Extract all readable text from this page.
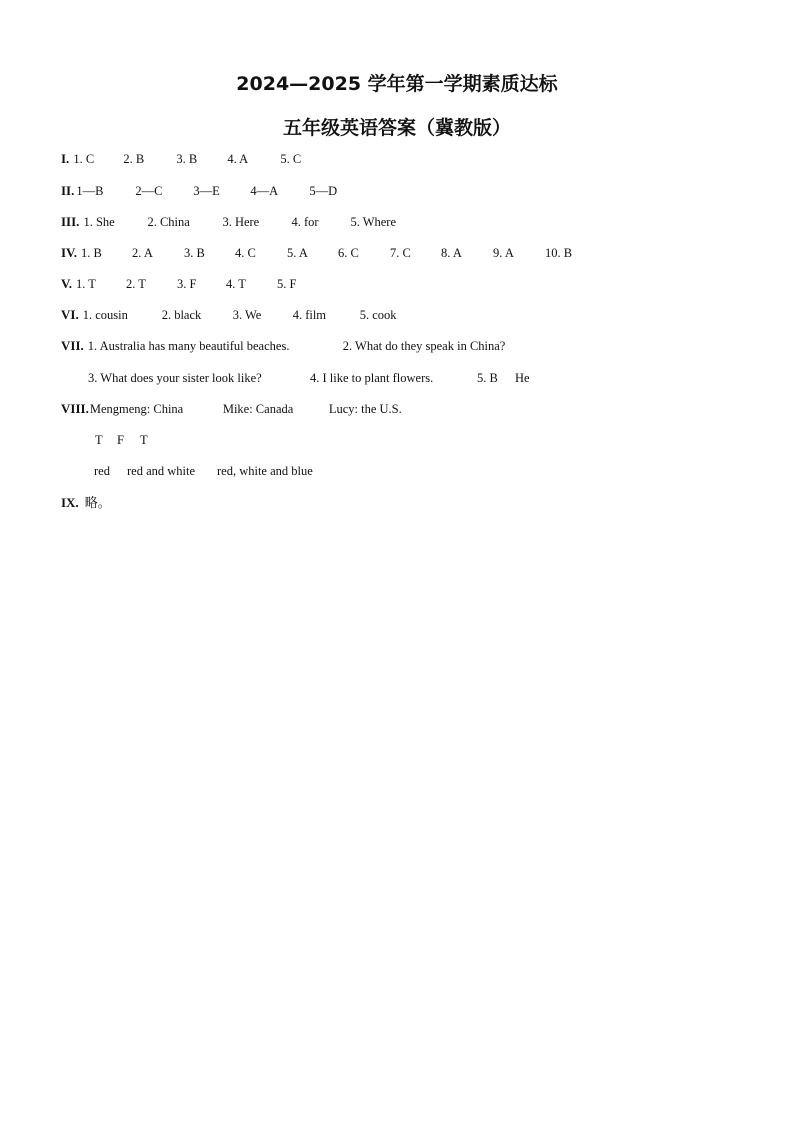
2024—2025 学年第一学期素质达标
五年级英语答案（冀教版）
I. 1. C 2. B	3. B 4. A	5. C
II. 1—B	2—C 3—E 4—A 5—D
III. 1. She	2. China	3. Here	4. for	5. Where
IV. 1. B 2. A 3. B 4. C 5. A 6. C 7. C 8. A 9. A 10. B
V. 1. T 2. T 3. F 4. T 5. F
VI. 1. cousin	2. black	3. We	4. film	5. cook
VII. 1. Australia has many beautiful beaches.	2. What do they speak in China?
3. What does your sister look like?	4. I like to plant flowers.	5. B He
VIII.Mengmeng: China	Mike: Canada	Lucy: the U.S.
T F T
red red and white red, white and blue
IX. 略。
